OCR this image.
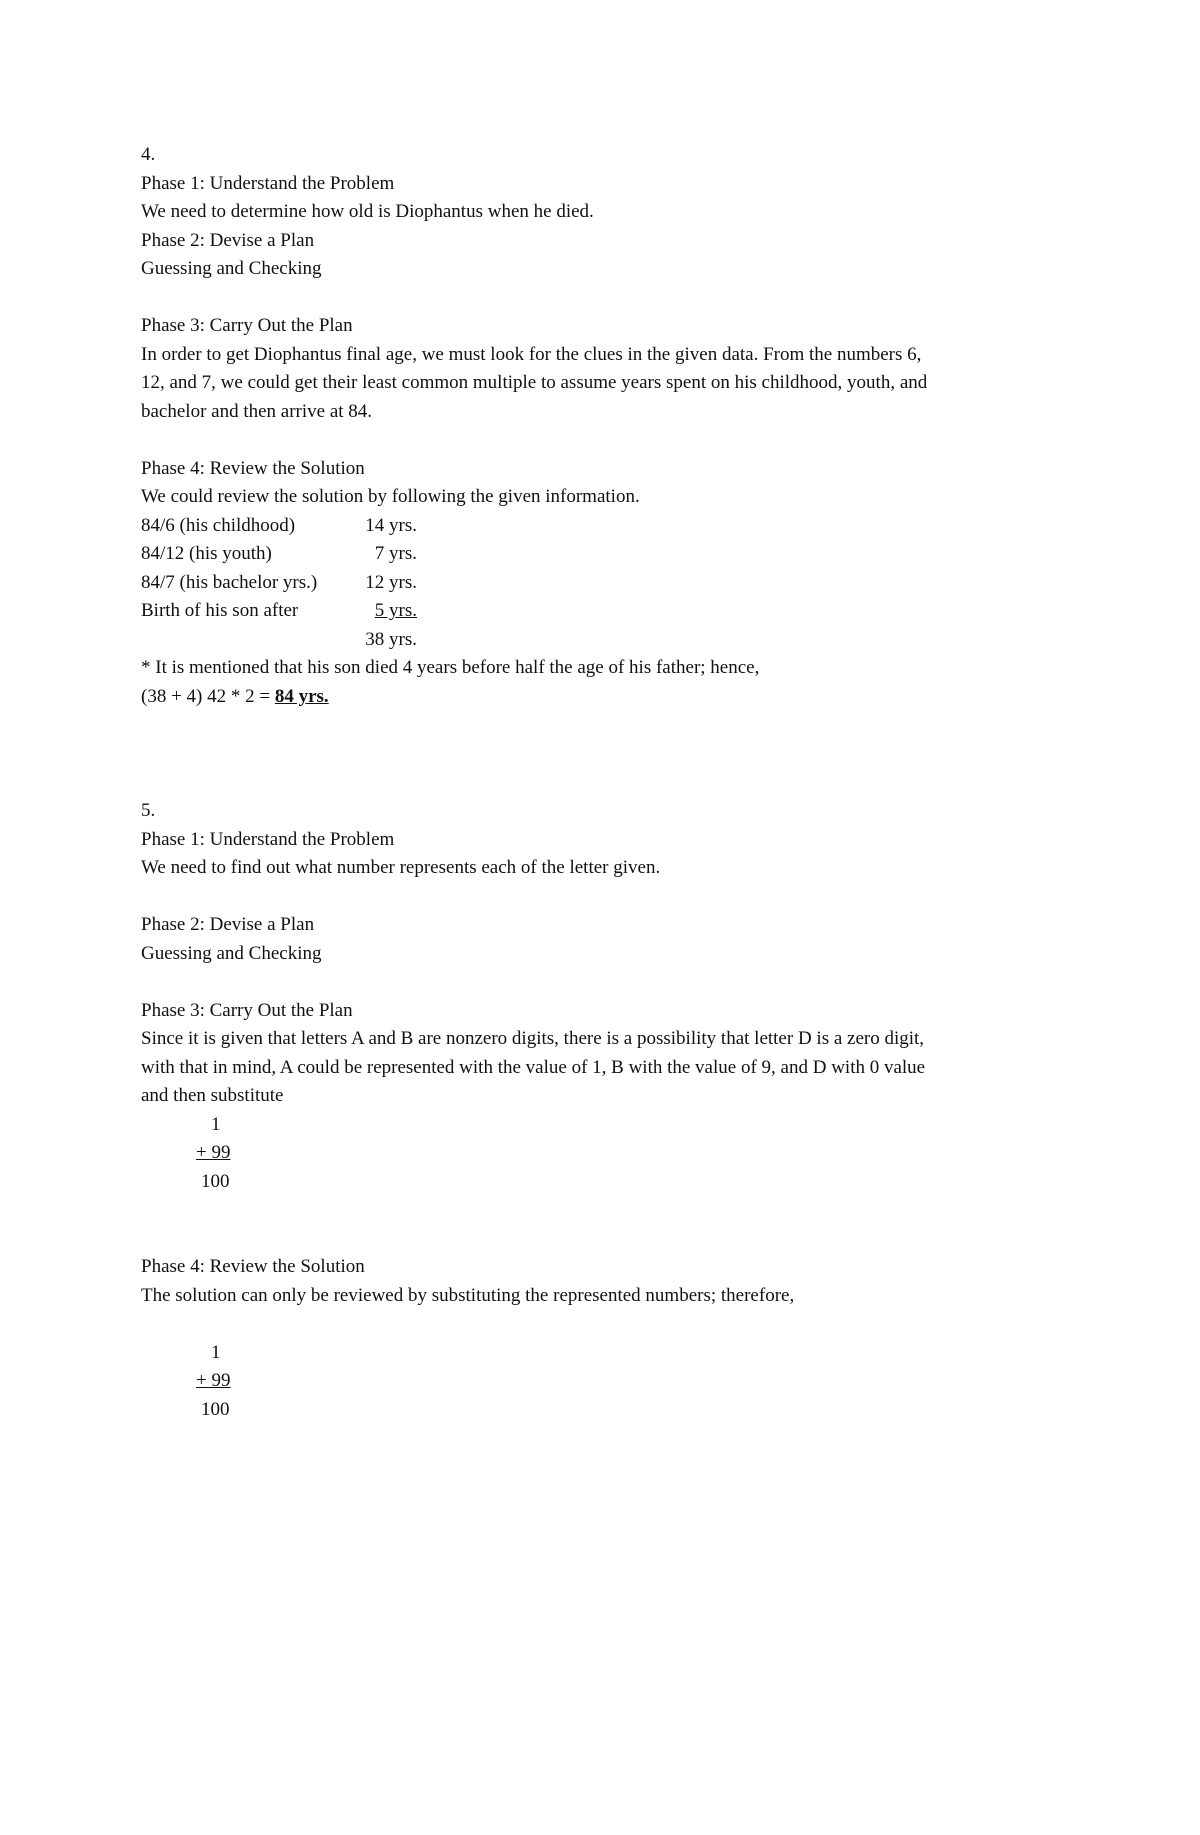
4.
Phase 1: Understand the Problem
We need to determine how old is Diophantus when he died.
Phase 2: Devise a Plan
Guessing and Checking
Phase 3: Carry Out the Plan
In order to get Diophantus final age, we must look for the clues in the given data. From the numbers 6,
12, and 7, we could get their least common multiple to assume years spent on his childhood, youth, and
bachelor and then arrive at 84.
Phase 4: Review the Solution
We could review the solution by following the given information.
84/6 (his childhood)	14 yrs.
84/12 (his youth)	7 yrs.
84/7 (his bachelor yrs.)	12 yrs.
Birth of his son after	5 yrs.
38 yrs.
* It is mentioned that his son died 4 years before half the age of his father; hence,
(38 + 4) 42 * 2 = 84 yrs.
5.
Phase 1: Understand the Problem
We need to find out what number represents each of the letter given.
Phase 2: Devise a Plan
Guessing and Checking
Phase 3: Carry Out the Plan
Since it is given that letters A and B are nonzero digits, there is a possibility that letter D is a zero digit,
with that in mind, A could be represented with the value of 1, B with the value of 9, and D with 0 value
and then substitute
1
+ 99
100
Phase 4: Review the Solution
The solution can only be reviewed by substituting the represented numbers; therefore,
1
+ 99
100
